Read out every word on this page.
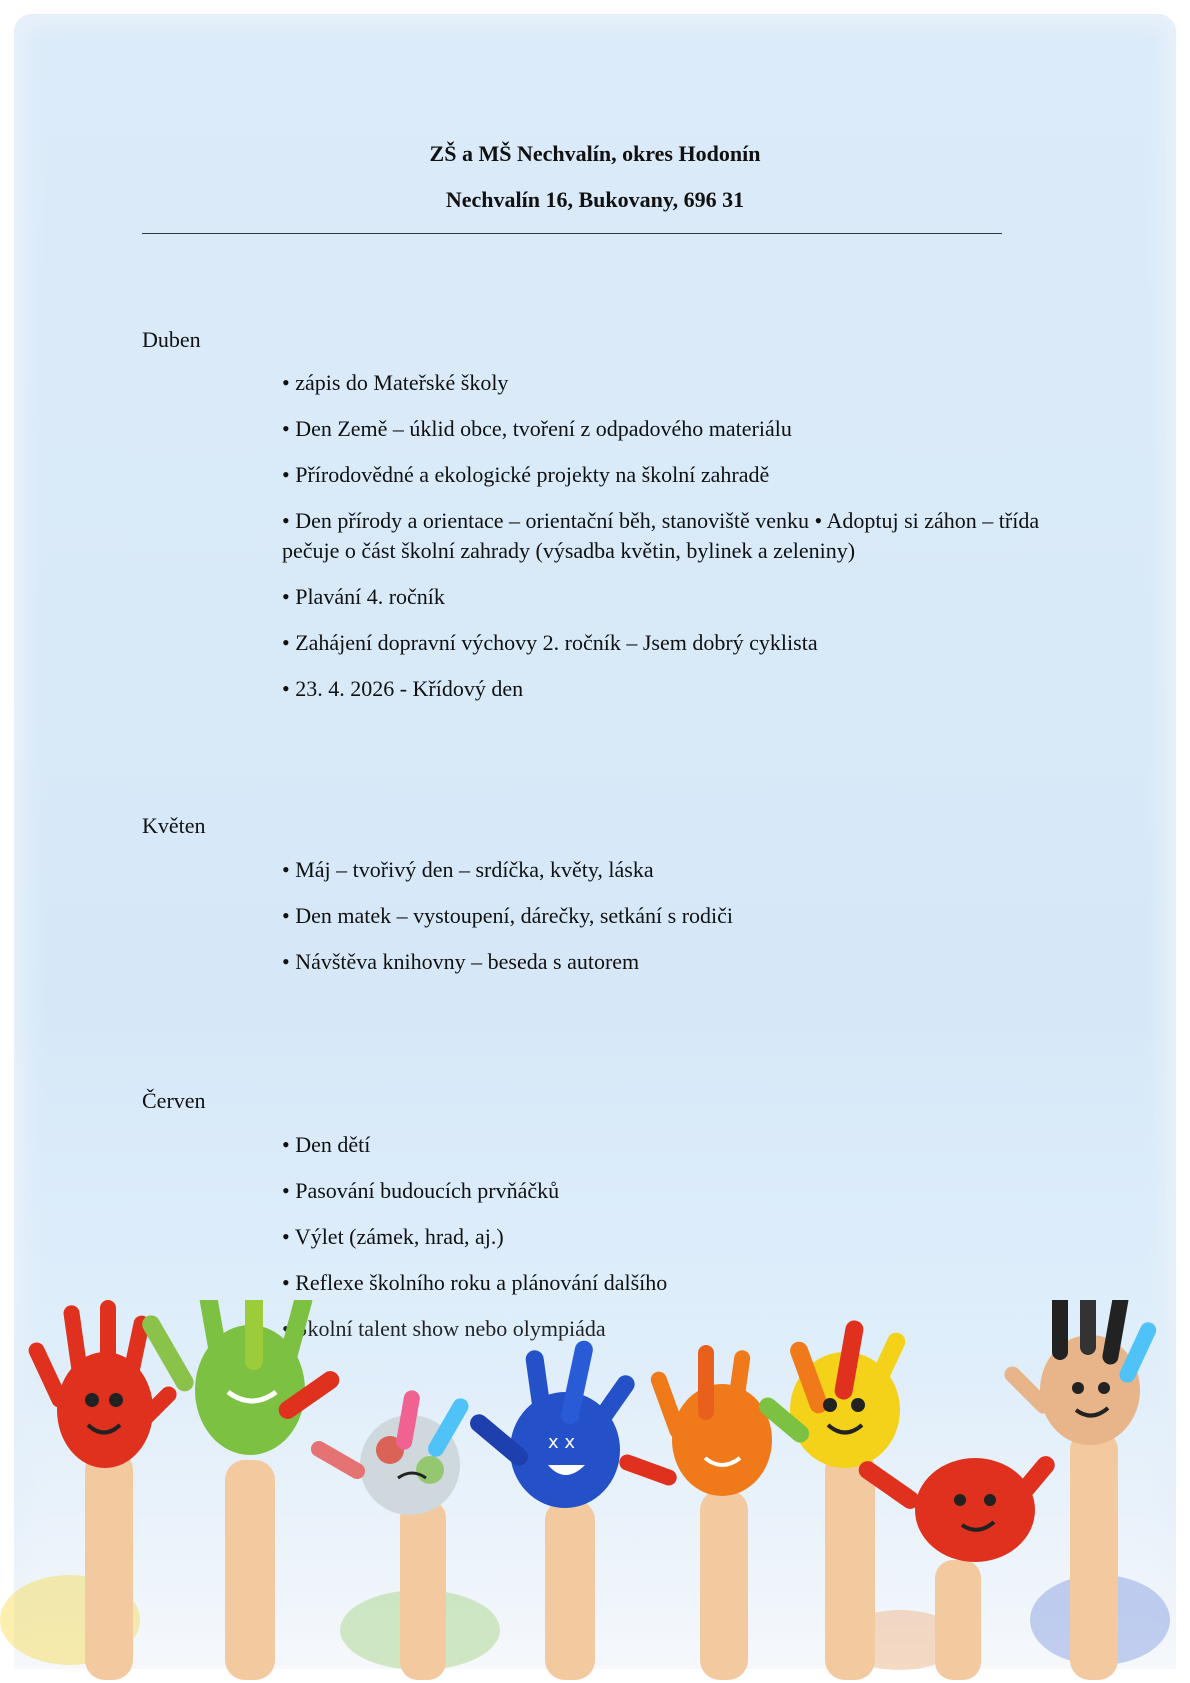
ZŠ a MŠ Nechvalín, okres Hodonín
Nechvalín 16, Bukovany, 696 31
Duben
• zápis do Mateřské školy
• Den Země – úklid obce, tvoření z odpadového materiálu
• Přírodovědné a ekologické projekty na školní zahradě
• Den přírody a orientace – orientační běh, stanoviště venku • Adoptuj si záhon – třída pečuje o část školní zahrady (výsadba květin, bylinek a zeleniny)
• Plavání 4. ročník
• Zahájení dopravní výchovy 2. ročník – Jsem dobrý cyklista
• 23. 4. 2026 - Křídový den
Květen
• Máj – tvořivý den – srdíčka, květy, láska
• Den matek – vystoupení, dárečky, setkání s rodiči
• Návštěva knihovny – beseda s autorem
Červen
• Den dětí
• Pasování budoucích prvňáčků
• Výlet (zámek, hrad, aj.)
• Reflexe školního roku a plánování dalšího
x x
